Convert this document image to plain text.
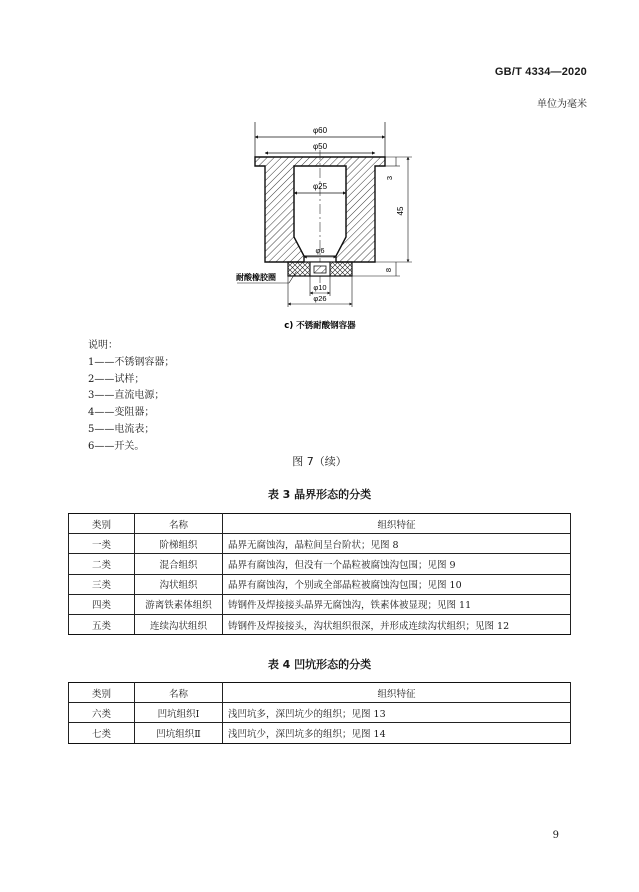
GB/T 4334—2020
单位为毫米
φ60
φ50
φ25
φ6
φ10
φ26
3
45
8
耐酸橡胶圈
c) 不锈耐酸钢容器
说明：
1——不锈钢容器；
2——试样；
3——直流电源；
4——变阻器；
5——电流表；
6——开关。
图 7（续）
表 3 晶界形态的分类
类别	名称	组织特征
一类	阶梯组织	晶界无腐蚀沟，晶粒间呈台阶状；见图 8
二类	混合组织	晶界有腐蚀沟，但没有一个晶粒被腐蚀沟包围；见图 9
三类	沟状组织	晶界有腐蚀沟，个别或全部晶粒被腐蚀沟包围；见图 10
四类	游离铁素体组织	铸钢件及焊接接头晶界无腐蚀沟，铁素体被显现；见图 11
五类	连续沟状组织	铸钢件及焊接接头，沟状组织很深，并形成连续沟状组织；见图 12
表 4 凹坑形态的分类
类别	名称	组织特征
六类	凹坑组织Ⅰ	浅凹坑多，深凹坑少的组织；见图 13
七类	凹坑组织Ⅱ	浅凹坑少，深凹坑多的组织；见图 14
9
